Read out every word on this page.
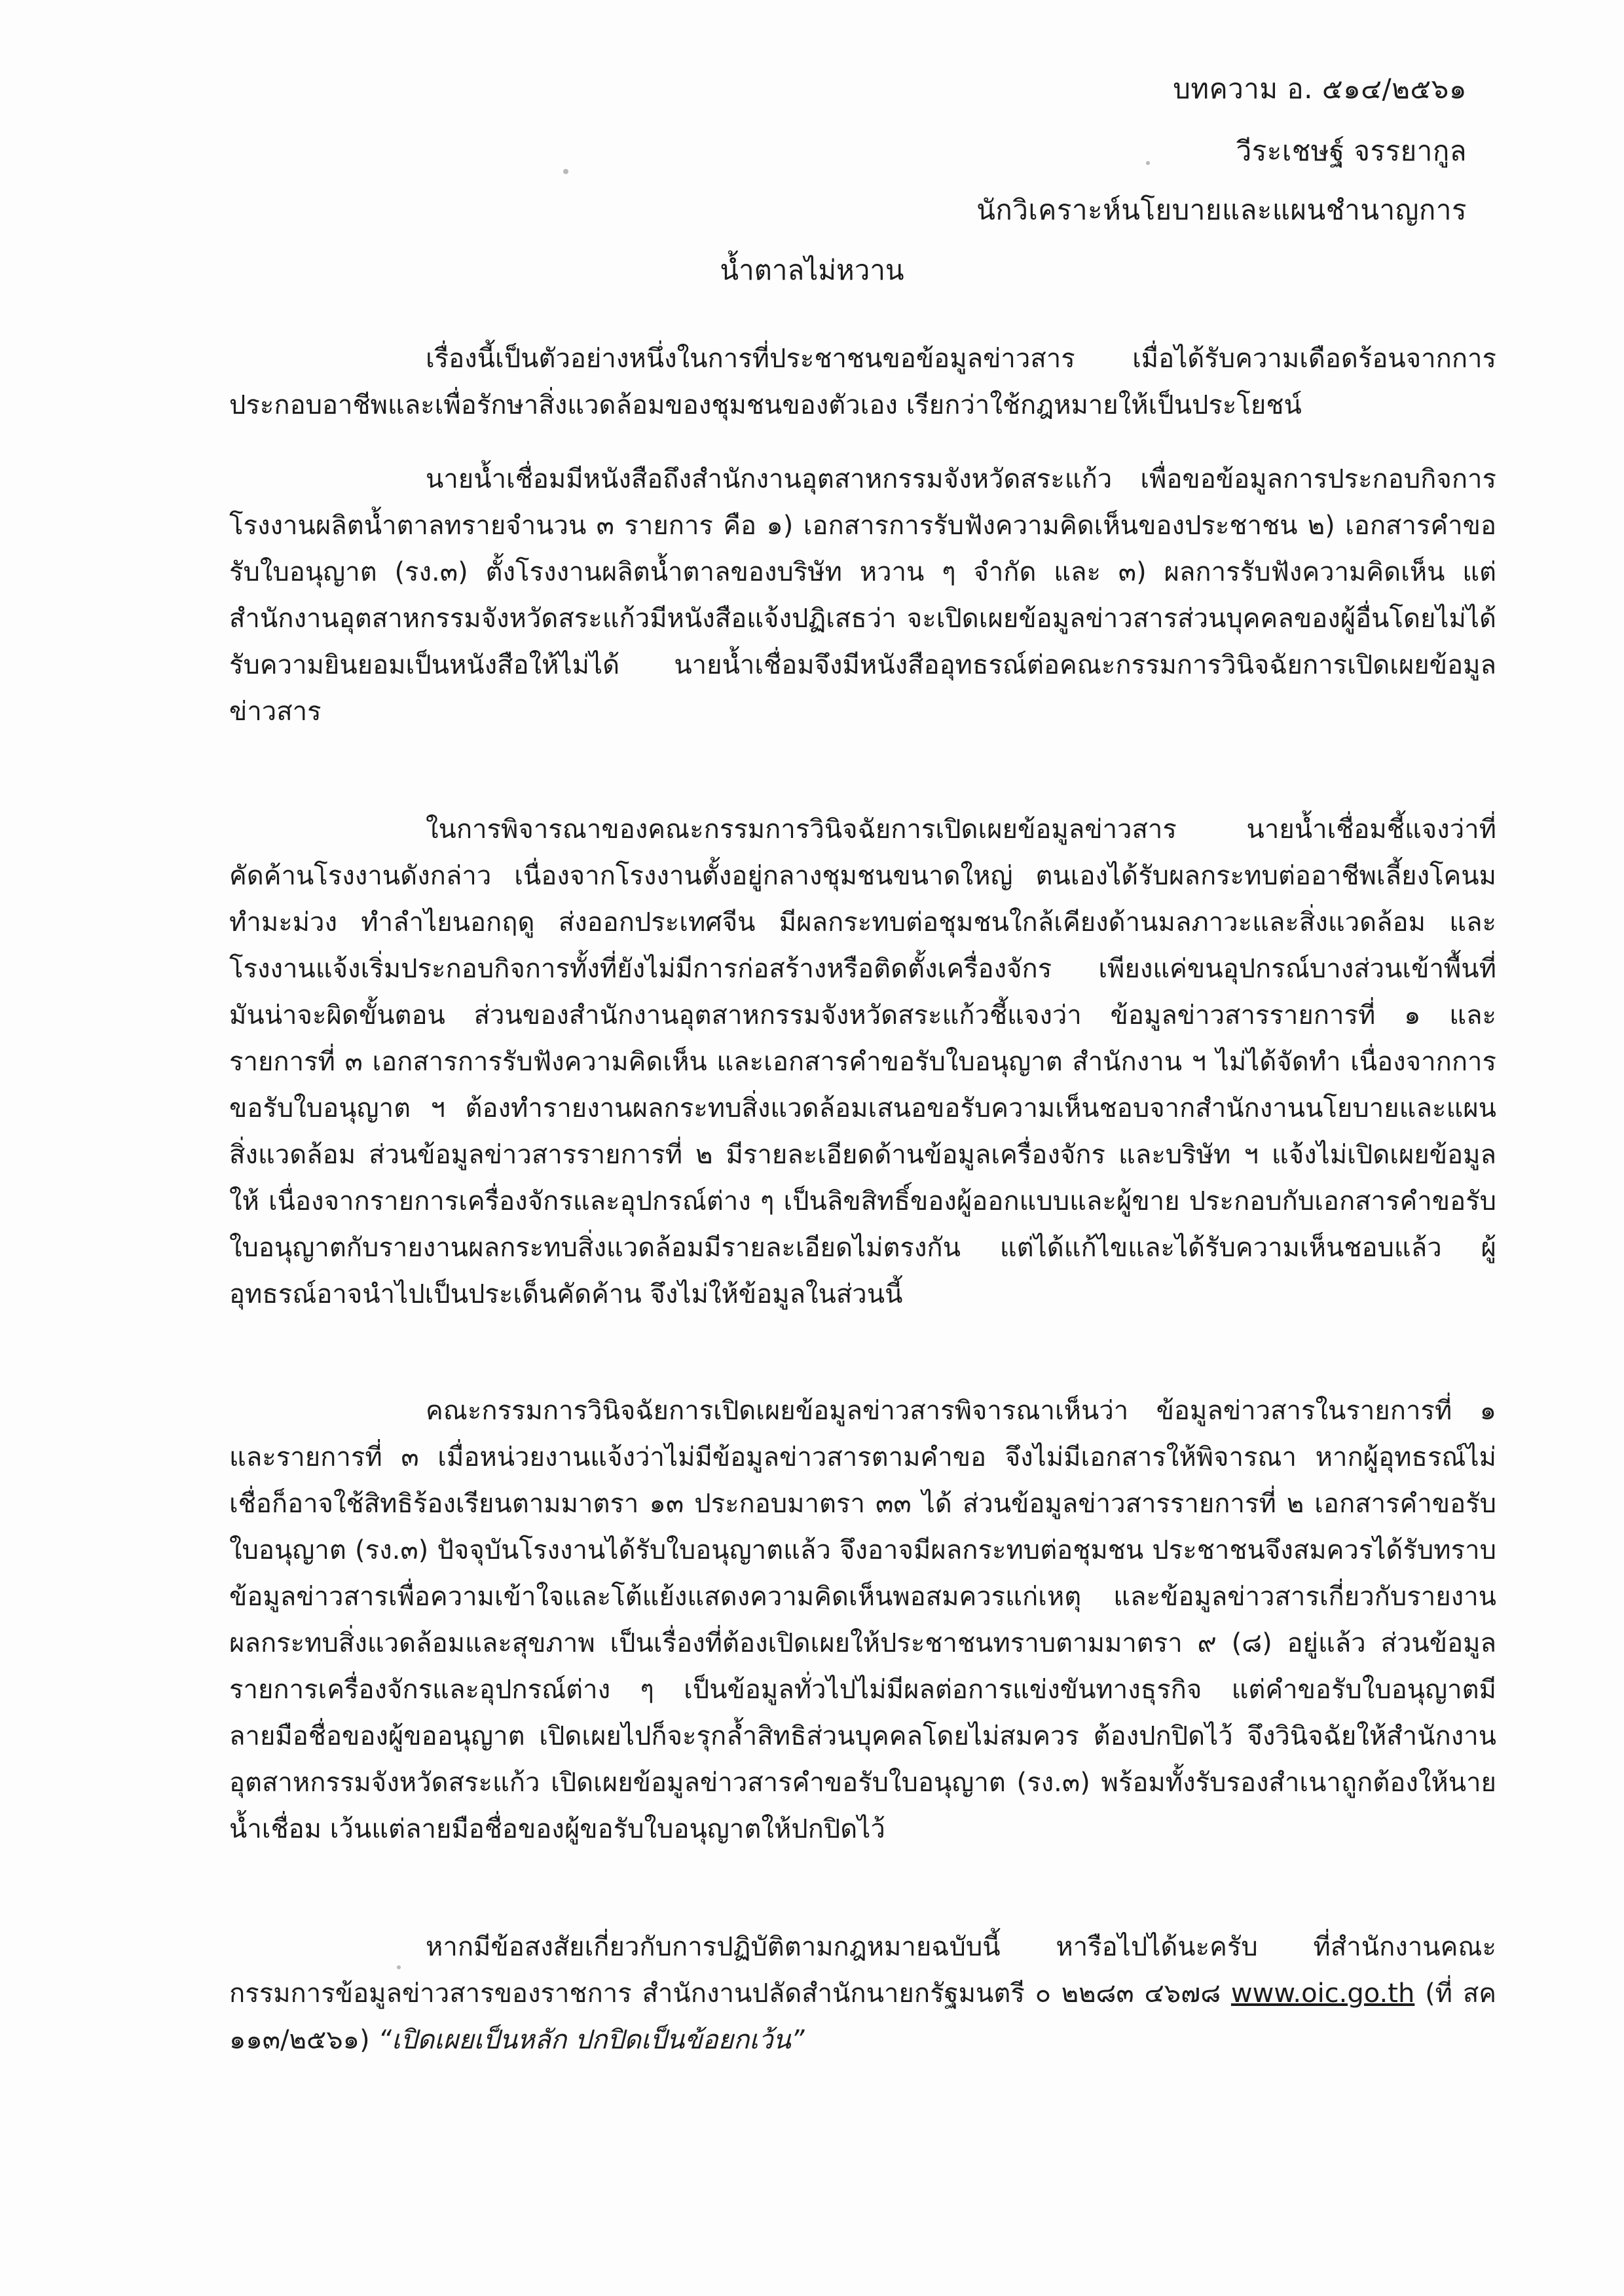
บทความ อ. ๕๑๔/๒๕๖๑
วีระเชษฐ์ จรรยากูล
นักวิเคราะห์นโยบายและแผนชำนาญการ
น้ำตาลไม่หวาน

เรื่องนี้เป็นตัวอย่างหนึ่งในการที่ประชาชนขอข้อมูลข่าวสาร เมื่อได้รับความเดือดร้อนจากการประกอบอาชีพและเพื่อรักษาสิ่งแวดล้อมของชุมชนของตัวเอง เรียกว่าใช้กฎหมายให้เป็นประโยชน์

นายน้ำเชื่อมมีหนังสือถึงสำนักงานอุตสาหกรรมจังหวัดสระแก้ว เพื่อขอข้อมูลการประกอบกิจการโรงงานผลิตน้ำตาลทรายจำนวน ๓ รายการ คือ ๑) เอกสารการรับฟังความคิดเห็นของประชาชน ๒) เอกสารคำขอรับใบอนุญาต (รง.๓) ตั้งโรงงานผลิตน้ำตาลของบริษัท หวาน ๆ จำกัด และ ๓) ผลการรับฟังความคิดเห็น แต่สำนักงานอุตสาหกรรมจังหวัดสระแก้วมีหนังสือแจ้งปฏิเสธว่า จะเปิดเผยข้อมูลข่าวสารส่วนบุคคลของผู้อื่นโดยไม่ได้รับความยินยอมเป็นหนังสือให้ไม่ได้ นายน้ำเชื่อมจึงมีหนังสืออุทธรณ์ต่อคณะกรรมการวินิจฉัยการเปิดเผยข้อมูลข่าวสาร

ในการพิจารณาของคณะกรรมการวินิจฉัยการเปิดเผยข้อมูลข่าวสาร นายน้ำเชื่อมชี้แจงว่าที่คัดค้านโรงงานดังกล่าว เนื่องจากโรงงานตั้งอยู่กลางชุมชนขนาดใหญ่ ตนเองได้รับผลกระทบต่ออาชีพเลี้ยงโคนม ทำมะม่วง ทำลำไยนอกฤดู ส่งออกประเทศจีน มีผลกระทบต่อชุมชนใกล้เคียงด้านมลภาวะและสิ่งแวดล้อม และโรงงานแจ้งเริ่มประกอบกิจการทั้งที่ยังไม่มีการก่อสร้างหรือติดตั้งเครื่องจักร เพียงแค่ขนอุปกรณ์บางส่วนเข้าพื้นที่ มันน่าจะผิดขั้นตอน ส่วนของสำนักงานอุตสาหกรรมจังหวัดสระแก้วชี้แจงว่า ข้อมูลข่าวสารรายการที่ ๑ และรายการที่ ๓ เอกสารการรับฟังความคิดเห็น และเอกสารคำขอรับใบอนุญาต สำนักงาน ฯ ไม่ได้จัดทำ เนื่องจากการขอรับใบอนุญาต ฯ ต้องทำรายงานผลกระทบสิ่งแวดล้อมเสนอขอรับความเห็นชอบจากสำนักงานนโยบายและแผนสิ่งแวดล้อม ส่วนข้อมูลข่าวสารรายการที่ ๒ มีรายละเอียดด้านข้อมูลเครื่องจักร และบริษัท ฯ แจ้งไม่เปิดเผยข้อมูลให้ เนื่องจากรายการเครื่องจักรและอุปกรณ์ต่าง ๆ เป็นลิขสิทธิ์ของผู้ออกแบบและผู้ขาย ประกอบกับเอกสารคำขอรับใบอนุญาตกับรายงานผลกระทบสิ่งแวดล้อมมีรายละเอียดไม่ตรงกัน แต่ได้แก้ไขและได้รับความเห็นชอบแล้ว ผู้อุทธรณ์อาจนำไปเป็นประเด็นคัดค้าน จึงไม่ให้ข้อมูลในส่วนนี้

คณะกรรมการวินิจฉัยการเปิดเผยข้อมูลข่าวสารพิจารณาเห็นว่า ข้อมูลข่าวสารในรายการที่ ๑ และรายการที่ ๓ เมื่อหน่วยงานแจ้งว่าไม่มีข้อมูลข่าวสารตามคำขอ จึงไม่มีเอกสารให้พิจารณา หากผู้อุทธรณ์ไม่เชื่อก็อาจใช้สิทธิร้องเรียนตามมาตรา ๑๓ ประกอบมาตรา ๓๓ ได้ ส่วนข้อมูลข่าวสารรายการที่ ๒ เอกสารคำขอรับใบอนุญาต (รง.๓) ปัจจุบันโรงงานได้รับใบอนุญาตแล้ว จึงอาจมีผลกระทบต่อชุมชน ประชาชนจึงสมควรได้รับทราบข้อมูลข่าวสารเพื่อความเข้าใจและโต้แย้งแสดงความคิดเห็นพอสมควรแก่เหตุ และข้อมูลข่าวสารเกี่ยวกับรายงานผลกระทบสิ่งแวดล้อมและสุขภาพ เป็นเรื่องที่ต้องเปิดเผยให้ประชาชนทราบตามมาตรา ๙ (๘) อยู่แล้ว ส่วนข้อมูลรายการเครื่องจักรและอุปกรณ์ต่าง ๆ เป็นข้อมูลทั่วไปไม่มีผลต่อการแข่งขันทางธุรกิจ แต่คำขอรับใบอนุญาตมีลายมือชื่อของผู้ขออนุญาต เปิดเผยไปก็จะรุกล้ำสิทธิส่วนบุคคลโดยไม่สมควร ต้องปกปิดไว้ จึงวินิจฉัยให้สำนักงานอุตสาหกรรมจังหวัดสระแก้ว เปิดเผยข้อมูลข่าวสารคำขอรับใบอนุญาต (รง.๓) พร้อมทั้งรับรองสำเนาถูกต้องให้นายน้ำเชื่อม เว้นแต่ลายมือชื่อของผู้ขอรับใบอนุญาตให้ปกปิดไว้

หากมีข้อสงสัยเกี่ยวกับการปฏิบัติตามกฎหมายฉบับนี้ หารือไปได้นะครับ ที่สำนักงานคณะกรรมการข้อมูลข่าวสารของราชการ สำนักงานปลัดสำนักนายกรัฐมนตรี ๐ ๒๒๘๓ ๔๖๗๘ www.oic.go.th (ที่ สค ๑๑๓/๒๕๖๑) “เปิดเผยเป็นหลัก ปกปิดเป็นข้อยกเว้น”
